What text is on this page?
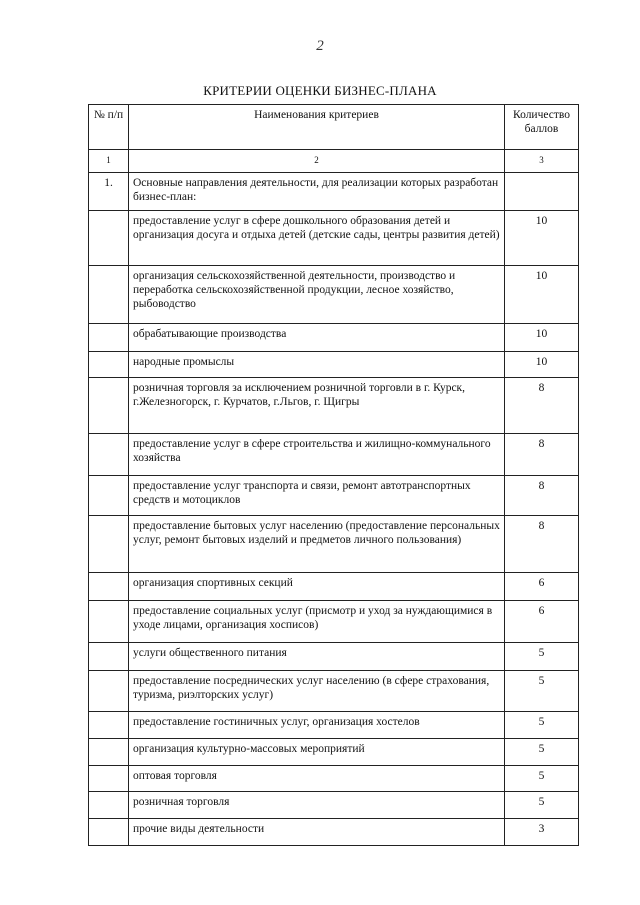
2
КРИТЕРИИ ОЦЕНКИ БИЗНЕС-ПЛАНА
№ п/п	Наименования критериев	Количество баллов
1	2	3
1.	Основные направления деятельности, для реализации которых разработан бизнес-план:	
	предоставление услуг в сфере дошкольного образования детей и организация досуга и отдыха детей (детские сады, центры развития детей)	10
	организация сельскохозяйственной деятельности, производство и переработка сельскохозяйственной продукции, лесное хозяйство, рыбоводство	10
	обрабатывающие производства	10
	народные промыслы	10
	розничная торговля за исключением розничной торговли в г. Курск, г.Железногорск, г. Курчатов, г.Льгов, г. Щигры	8
	предоставление услуг в сфере строительства и жилищно-коммунального хозяйства	8
	предоставление услуг транспорта и связи, ремонт автотранспортных средств и мотоциклов	8
	предоставление бытовых услуг населению (предоставление персональных услуг, ремонт бытовых изделий и предметов личного пользования)	8
	организация спортивных секций	6
	предоставление социальных услуг (присмотр и уход за нуждающимися в уходе лицами, организация хосписов)	6
	услуги общественного питания	5
	предоставление посреднических услуг населению (в сфере страхования, туризма, риэлторских услуг)	5
	предоставление гостиничных услуг, организация хостелов	5
	организация культурно-массовых мероприятий	5
	оптовая торговля	5
	розничная торговля	5
	прочие виды деятельности	3
